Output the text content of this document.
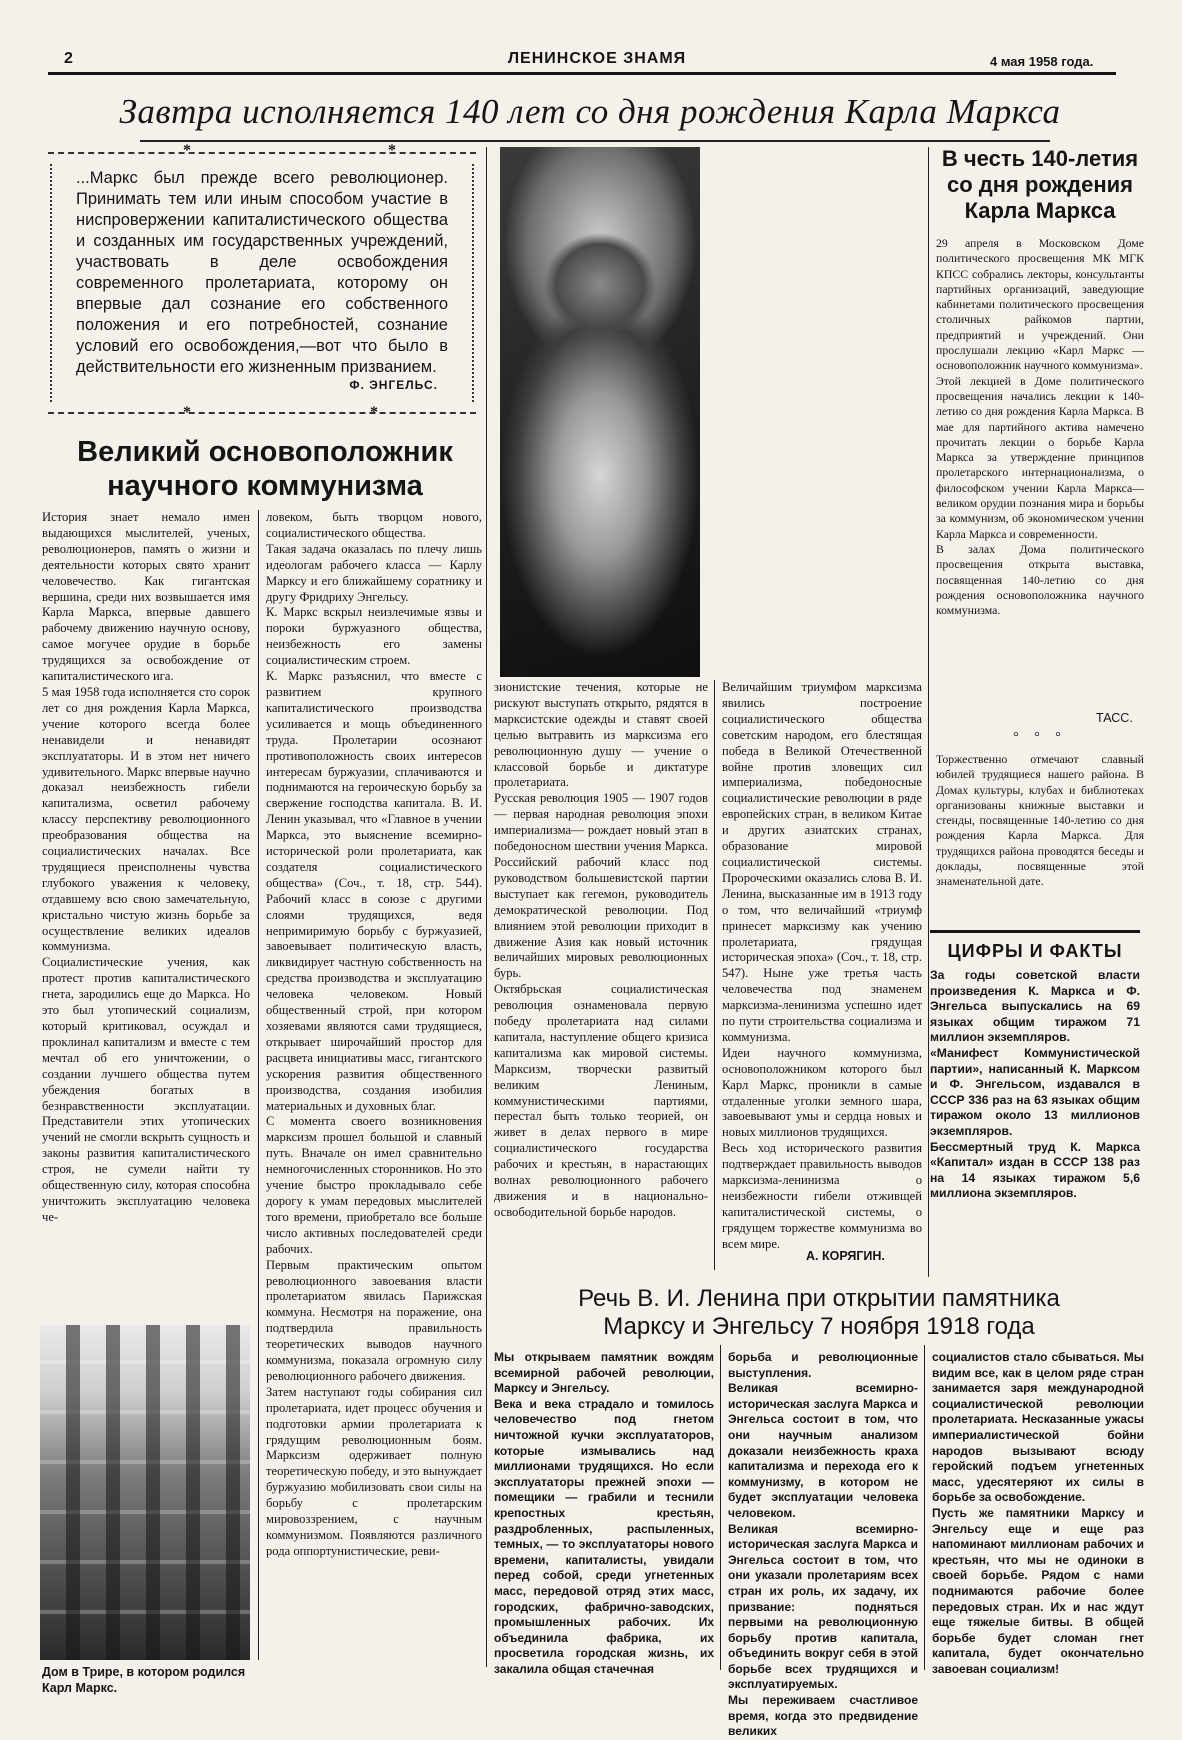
2	ЛЕНИНСКОЕ ЗНАМЯ	4 мая 1958 года.
Завтра исполняется 140 лет со дня рождения Карла Маркса
*	*
...Маркс был прежде всего революционер. Принимать тем или иным способом участие в ниспровержении капиталистического общества и созданных им государственных учреждений, участвовать в деле освобождения современного пролетариата, которому он впервые дал сознание его собственного положения и его потребностей, сознание условий его освобождения,—вот что было в действительности его жизненным призванием.
Ф. ЭНГЕЛЬС.
*	*
Великий основоположник
научного коммунизма
История знает немало имен выдающихся мыслителей, ученых, революционеров, память о жизни и деятельности которых свято хранит человечество. Как гигантская вершина, среди них возвышается имя Карла Маркса, впервые давшего рабочему движению научную основу, самое могучее орудие в борьбе трудящихся за освобождение от капиталистического ига.
5 мая 1958 года исполняется сто сорок лет со дня рождения Карла Маркса, учение которого всегда более ненавидели и ненавидят эксплуататоры. И в этом нет ничего удивительного. Маркс впервые научно доказал неизбежность гибели капитализма, осветил рабочему классу перспективу революционного преобразования общества на социалистических началах. Все трудящиеся преисполнены чувства глубокого уважения к человеку, отдавшему всю свою замечательную, кристально чистую жизнь борьбе за осуществление великих идеалов коммунизма.
Социалистические учения, как протест против капиталистического гнета, зародились еще до Маркса. Но это был утопический социализм, который критиковал, осуждал и проклинал капитализм и вместе с тем мечтал об его уничтожении, о создании лучшего общества путем убеждения богатых в безнравственности эксплуатации. Представители этих утопических учений не смогли вскрыть сущность и законы развития капиталистического строя, не сумели найти ту общественную силу, которая способна уничтожить эксплуатацию человека че-
ловеком, быть творцом нового, социалистического общества.
Такая задача оказалась по плечу лишь идеологам рабочего класса — Карлу Марксу и его ближайшему соратнику и другу Фридриху Энгельсу.
К. Маркс вскрыл неизлечимые язвы и пороки буржуазного общества, неизбежность его замены социалистическим строем.
К. Маркс разъяснил, что вместе с развитием крупного капиталистического производства усиливается и мощь объединенного труда. Пролетарии осознают противоположность своих интересов интересам буржуазии, сплачиваются и поднимаются на героическую борьбу за свержение господства капитала. В. И. Ленин указывал, что «Главное в учении Маркса, это выяснение всемирно-исторической роли пролетариата, как создателя социалистического общества» (Соч., т. 18, стр. 544). Рабочий класс в союзе с другими слоями трудящихся, ведя непримиримую борьбу с буржуазией, завоевывает политическую власть, ликвидирует частную собственность на средства производства и эксплуатацию человека человеком. Новый общественный строй, при котором хозяевами являются сами трудящиеся, открывает широчайший простор для расцвета инициативы масс, гигантского ускорения развития общественного производства, создания изобилия материальных и духовных благ.
С момента своего возникновения марксизм прошел большой и славный путь. Вначале он имел сравнительно немногочисленных сторонников. Но это учение быстро прокладывало себе дорогу к умам передовых мыслителей того времени, приобретало все больше число активных последователей среди рабочих.
Первым практическим опытом революционного завоевания власти пролетариатом явилась Парижская коммуна. Несмотря на поражение, она подтвердила правильность теоретических выводов научного коммунизма, показала огромную силу революционного рабочего движения.
Затем наступают годы собирания сил пролетариата, идет процесс обучения и подготовки армии пролетариата к грядущим революционным боям. Марксизм одерживает полную теоретическую победу, и это вынуждает буржуазию мобилизовать свои силы на борьбу с пролетарским мировоззрением, с научным коммунизмом. Появляются различного рода оппортунистические, реви-
зионистские течения, которые не рискуют выступать открыто, рядятся в марксистские одежды и ставят своей целью вытравить из марксизма его революционную душу — учение о классовой борьбе и диктатуре пролетариата.
Русская революция 1905 — 1907 годов— первая народная революция эпохи империализма— рождает новый этап в победоносном шествии учения Маркса. Российский рабочий класс под руководством большевистской партии выступает как гегемон, руководитель демократической революции. Под влиянием этой революции приходит в движение Азия как новый источник величайших мировых революционных бурь.
Октябрьская социалистическая революция ознаменовала первую победу пролетариата над силами капитала, наступление общего кризиса капитализма как мировой системы. Марксизм, творчески развитый великим Лениным, коммунистическими партиями, перестал быть только теорией, он живет в делах первого в мире социалистического государства рабочих и крестьян, в нарастающих волнах революционного рабочего движения и в национально-освободительной борьбе народов.
Величайшим триумфом марксизма явились построение социалистического общества советским народом, его блестящая победа в Великой Отечественной войне против зловещих сил империализма, победоносные социалистические революции в ряде европейских стран, в великом Китае и других азиатских странах, образование мировой социалистической системы. Пророческими оказались слова В. И. Ленина, высказанные им в 1913 году о том, что величайший «триумф принесет марксизму как учению пролетариата, грядущая историческая эпоха» (Соч., т. 18, стр. 547). Ныне уже третья часть человечества под знаменем марксизма-ленинизма успешно идет по пути строительства социализма и коммунизма.
Идеи научного коммунизма, основоположником которого был Карл Маркс, проникли в самые отдаленные уголки земного шара, завоевывают умы и сердца новых и новых миллионов трудящихся.
Весь ход исторического развития подтверждает правильность выводов марксизма-ленинизма о неизбежности гибели отживщей капиталистической системы, о грядущем торжестве коммунизма во всем мире.
А. КОРЯГИН.
В честь 140-летия
со дня рождения
Карла Маркса
29 апреля в Московском Доме политического просвещения МК МГК КПСС собрались лекторы, консультанты партийных организаций, заведующие кабинетами политического просвещения столичных райкомов партии, предприятий и учреждений. Они прослушали лекцию «Карл Маркс — основоположник научного коммунизма».
Этой лекцией в Доме политического просвещения начались лекции к 140-летию со дня рождения Карла Маркса. В мае для партийного актива намечено прочитать лекции о борьбе Карла Маркса за утверждение принципов пролетарского интернационализма, о философском учении Карла Маркса—великом орудии познания мира и борьбы за коммунизм, об экономическом учении Карла Маркса и современности.
В залах Дома политического просвещения открыта выставка, посвященная 140-летию со дня рождения основоположника научного коммунизма.
ТАСС.
° ° °
Торжественно отмечают славный юбилей трудящиеся нашего района. В Домах культуры, клубах и библиотеках организованы книжные выставки и стенды, посвященные 140-летию со дня рождения Карла Маркса. Для трудящихся района проводятся беседы и доклады, посвященные этой знаменательной дате.
ЦИФРЫ И ФАКТЫ
За годы советской власти произведения К. Маркса и Ф. Энгельса выпускались на 69 языках общим тиражом 71 миллион экземпляров.
«Манифест Коммунистической партии», написанный К. Марксом и Ф. Энгельсом, издавался в СССР 336 раз на 63 языках общим тиражом около 13 миллионов экземпляров.
Бессмертный труд К. Маркса «Капитал» издан в СССР 138 раз на 14 языках тиражом 5,6 миллиона экземпляров.
Дом в Трире, в котором родился Карл Маркс.
Речь В. И. Ленина при открытии памятника
Марксу и Энгельсу 7 ноября 1918 года
Мы открываем памятник вождям всемирной рабочей революции, Марксу и Энгельсу.
Века и века страдало и томилось человечество под гнетом ничтожной кучки эксплуататоров, которые измывались над миллионами трудящихся. Но если эксплуататоры прежней эпохи — помещики — грабили и теснили крепостных крестьян, раздробленных, распыленных, темных, — то эксплуататоры нового времени, капиталисты, увидали перед собой, среди угнетенных масс, передовой отряд этих масс, городских, фабрично-заводских, промышленных рабочих. Их объединила фабрика, их просветила городская жизнь, их закалила общая стачечная
борьба и революционные выступления.
Великая всемирно-историческая заслуга Маркса и Энгельса состоит в том, что они научным анализом доказали неизбежность краха капитализма и перехода его к коммунизму, в котором не будет эксплуатации человека человеком.
Великая всемирно-историческая заслуга Маркса и Энгельса состоит в том, что они указали пролетариям всех стран их роль, их задачу, их призвание: подняться первыми на революционную борьбу против капитала, объединить вокруг себя в этой борьбе всех трудящихся и эксплуатируемых.
Мы переживаем счастливое время, когда это предвидение великих
социалистов стало сбываться. Мы видим все, как в целом ряде стран занимается заря международной социалистической революции пролетариата. Несказанные ужасы империалистической бойни народов вызывают всюду геройский подъем угнетенных масс, удесятеряют их силы в борьбе за освобождение.
Пусть же памятники Марксу и Энгельсу еще и еще раз напоминают миллионам рабочих и крестьян, что мы не одиноки в своей борьбе. Рядом с нами поднимаются рабочие более передовых стран. Их и нас ждут еще тяжелые битвы. В общей борьбе будет сломан гнет капитала, будет окончательно завоеван социализм!
